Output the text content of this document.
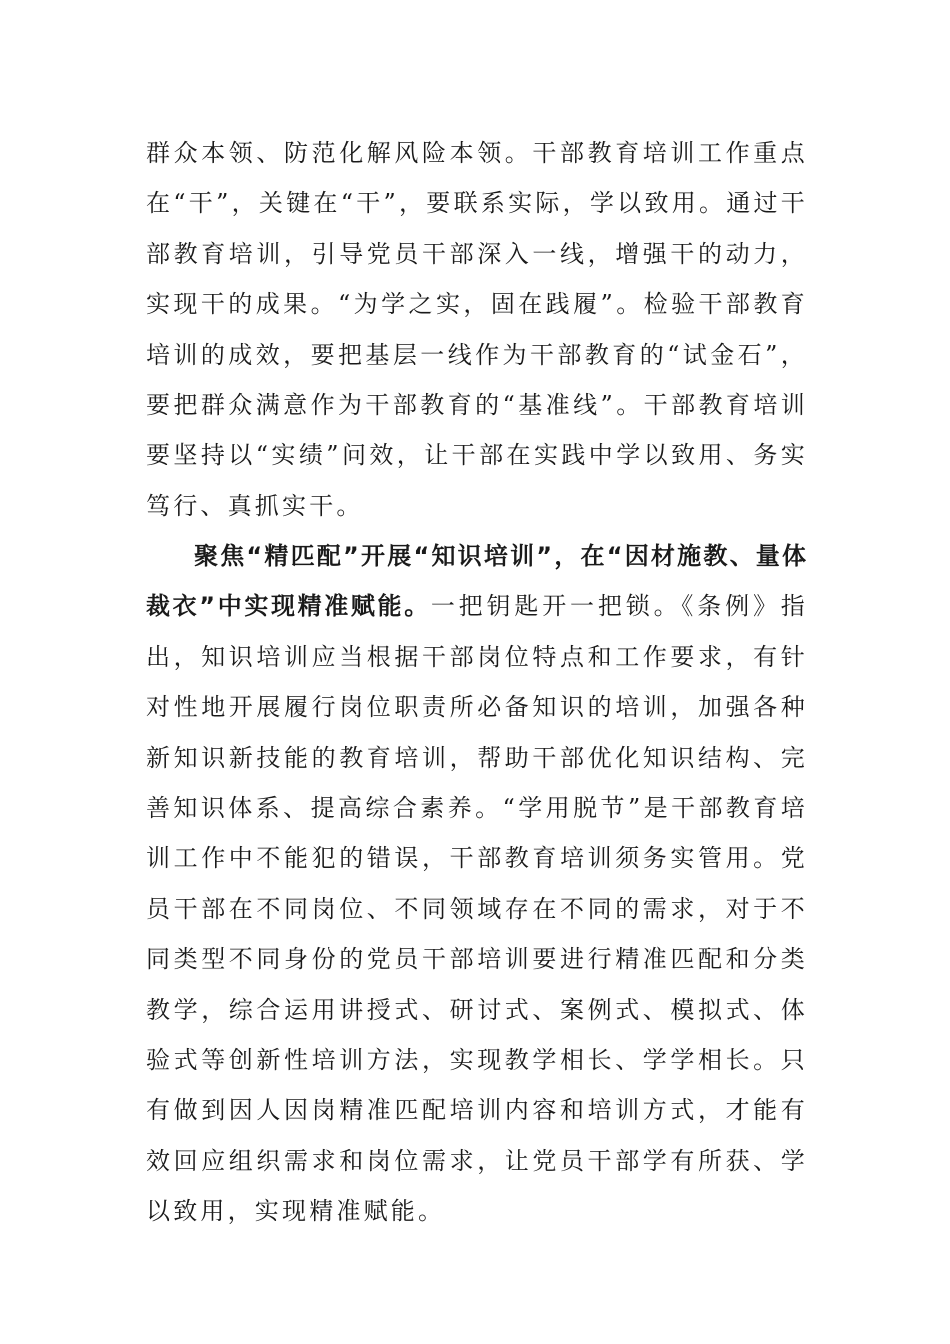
群众本领、防范化解风险本领。干部教育培训工作重点在“干”，关键在“干”，要联系实际，学以致用。通过干部教育培训，引导党员干部深入一线，增强干的动力，实现干的成果。“为学之实，固在践履”。检验干部教育培训的成效，要把基层一线作为干部教育的“试金石”，要把群众满意作为干部教育的“基准线”。干部教育培训要坚持以“实绩”问效，让干部在实践中学以致用、务实笃行、真抓实干。

聚焦“精匹配”开展“知识培训”，在“因材施教、量体裁衣”中实现精准赋能。一把钥匙开一把锁。《条例》指出，知识培训应当根据干部岗位特点和工作要求，有针对性地开展履行岗位职责所必备知识的培训，加强各种新知识新技能的教育培训，帮助干部优化知识结构、完善知识体系、提高综合素养。“学用脱节”是干部教育培训工作中不能犯的错误，干部教育培训须务实管用。党员干部在不同岗位、不同领域存在不同的需求，对于不同类型不同身份的党员干部培训要进行精准匹配和分类教学，综合运用讲授式、研讨式、案例式、模拟式、体验式等创新性培训方法，实现教学相长、学学相长。只有做到因人因岗精准匹配培训内容和培训方式，才能有效回应组织需求和岗位需求，让党员干部学有所获、学以致用，实现精准赋能。
